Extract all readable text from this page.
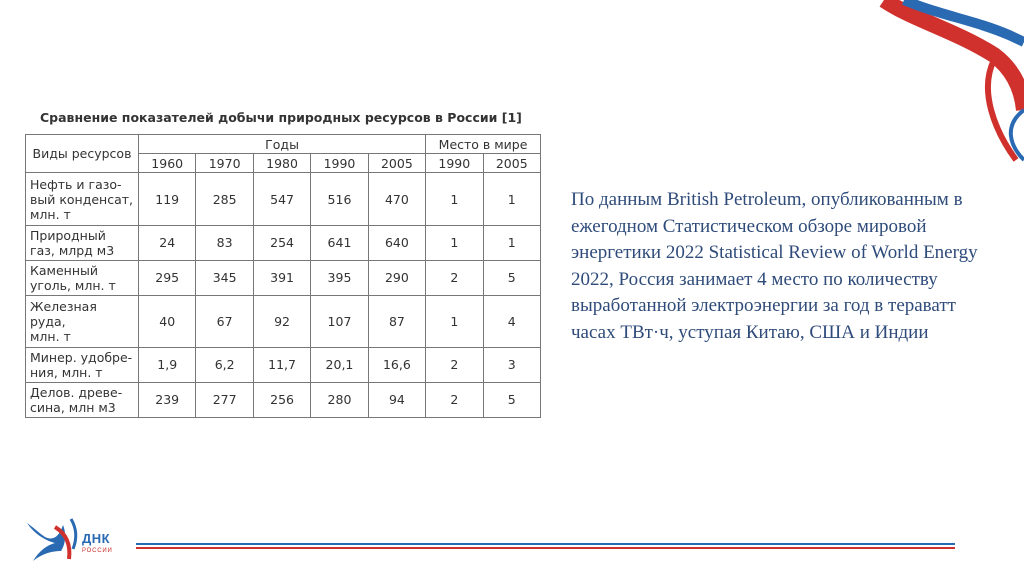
Сравнение показателей добычи природных ресурсов в России [1]
Виды ресурсов	Годы					Место в мире	
	1960	1970	1980	1990	2005	1990	2005
Нефть и газо-
вый конденсат,
млн. т	119	285	547	516	470	1	1
Природный
газ, млрд м3	24	83	254	641	640	1	1
Каменный
уголь, млн. т	295	345	391	395	290	2	5
Железная руда,
млн. т	40	67	92	107	87	1	4
Минер. удобре-
ния, млн. т	1,9	6,2	11,7	20,1	16,6	2	3
Делов. древе-
сина, млн м3	239	277	256	280	94	2	5
По данным British Petroleum, опубликованным в ежегодном Статистическом обзоре мировой энергетики 2022 Statistical Review of World Energy 2022, Россия занимает 4 место по количеству выработанной электроэнергии за год в тераватт часах ТВт·ч, уступая Китаю, США и Индии
ДНК
РОССИИ
